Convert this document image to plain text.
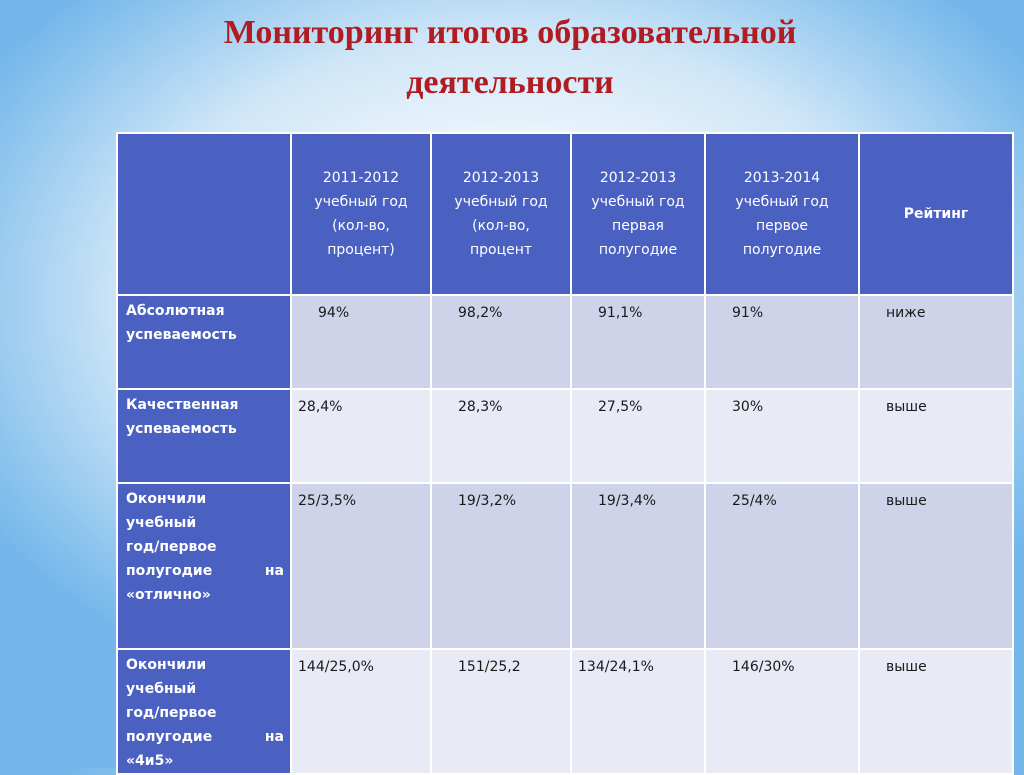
Мониторинг итогов образовательной
деятельности

	2011-2012
учебный год
(кол-во,
процент)	2012-2013
учебный год
(кол-во,
процент	2012-2013
учебный год
первая
полугодие	2013-2014
учебный год
первое
полугодие	Рейтинг

Абсолютная
успеваемость	94%	98,2%	91,1%	91%	ниже

Качественная
успеваемость	28,4%	28,3%	27,5%	30%	выше

Окончили
учебный
год/первое
полугодие на
«отлично»	25/3,5%	19/3,2%	19/3,4%	25/4%	выше

Окончили
учебный
год/первое
полугодие на
«4и5»	144/25,0%	151/25,2	134/24,1%	146/30%	выше
